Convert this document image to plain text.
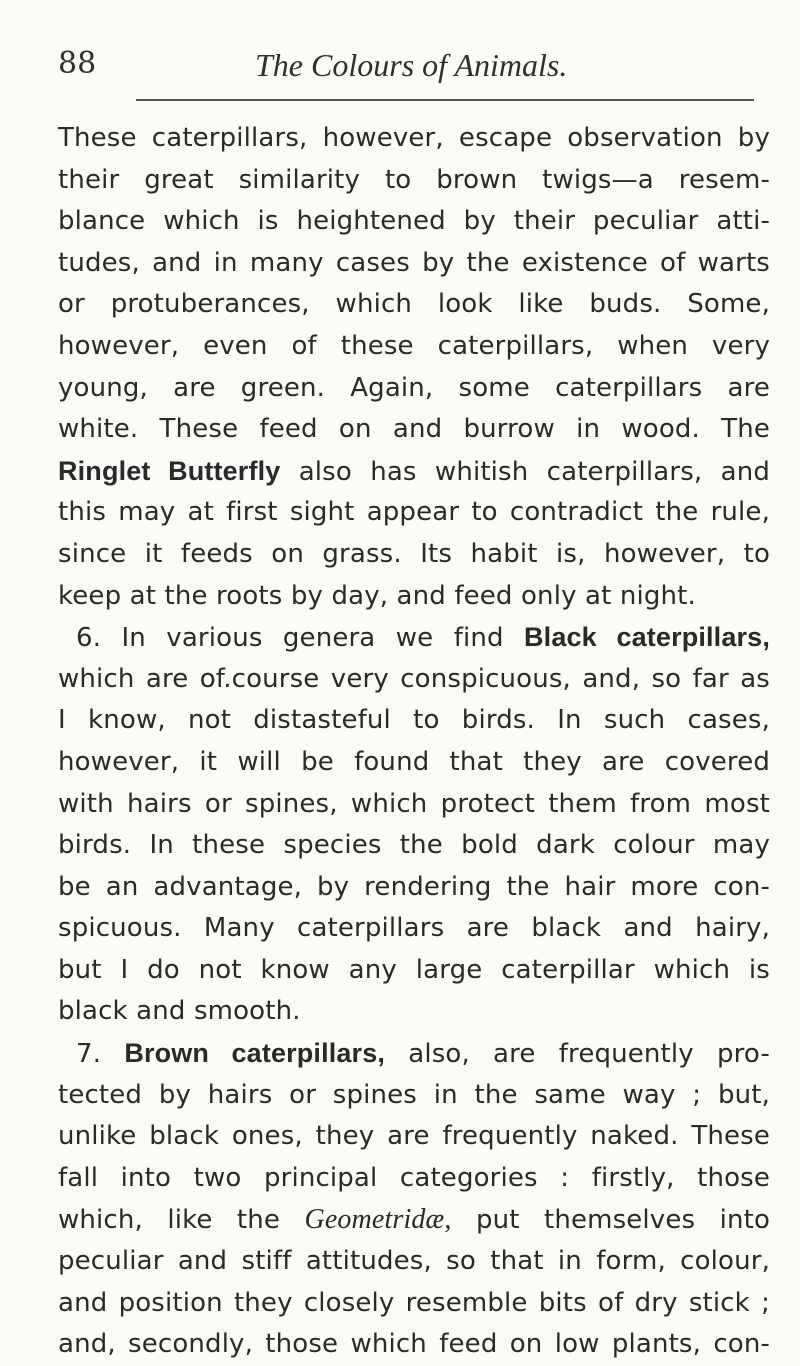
88	The Colours of Animals.
These caterpillars, however, escape observation by
their great similarity to brown twigs—a resem-
blance which is heightened by their peculiar atti-
tudes, and in many cases by the existence of warts
or protuberances, which look like buds. Some,
however, even of these caterpillars, when very
young, are green. Again, some caterpillars are
white. These feed on and burrow in wood. The
Ringlet Butterfly also has whitish caterpillars, and
this may at first sight appear to contradict the rule,
since it feeds on grass. Its habit is, however, to
keep at the roots by day, and feed only at night.
6. In various genera we find Black caterpillars,
which are of.course very conspicuous, and, so far as
I know, not distasteful to birds. In such cases,
however, it will be found that they are covered
with hairs or spines, which protect them from most
birds. In these species the bold dark colour may
be an advantage, by rendering the hair more con-
spicuous. Many caterpillars are black and hairy,
but I do not know any large caterpillar which is
black and smooth.
7. Brown caterpillars, also, are frequently pro-
tected by hairs or spines in the same way ; but,
unlike black ones, they are frequently naked. These
fall into two principal categories : firstly, those
which, like the Geometridæ, put themselves into
peculiar and stiff attitudes, so that in form, colour,
and position they closely resemble bits of dry stick ;
and, secondly, those which feed on low plants, con-
